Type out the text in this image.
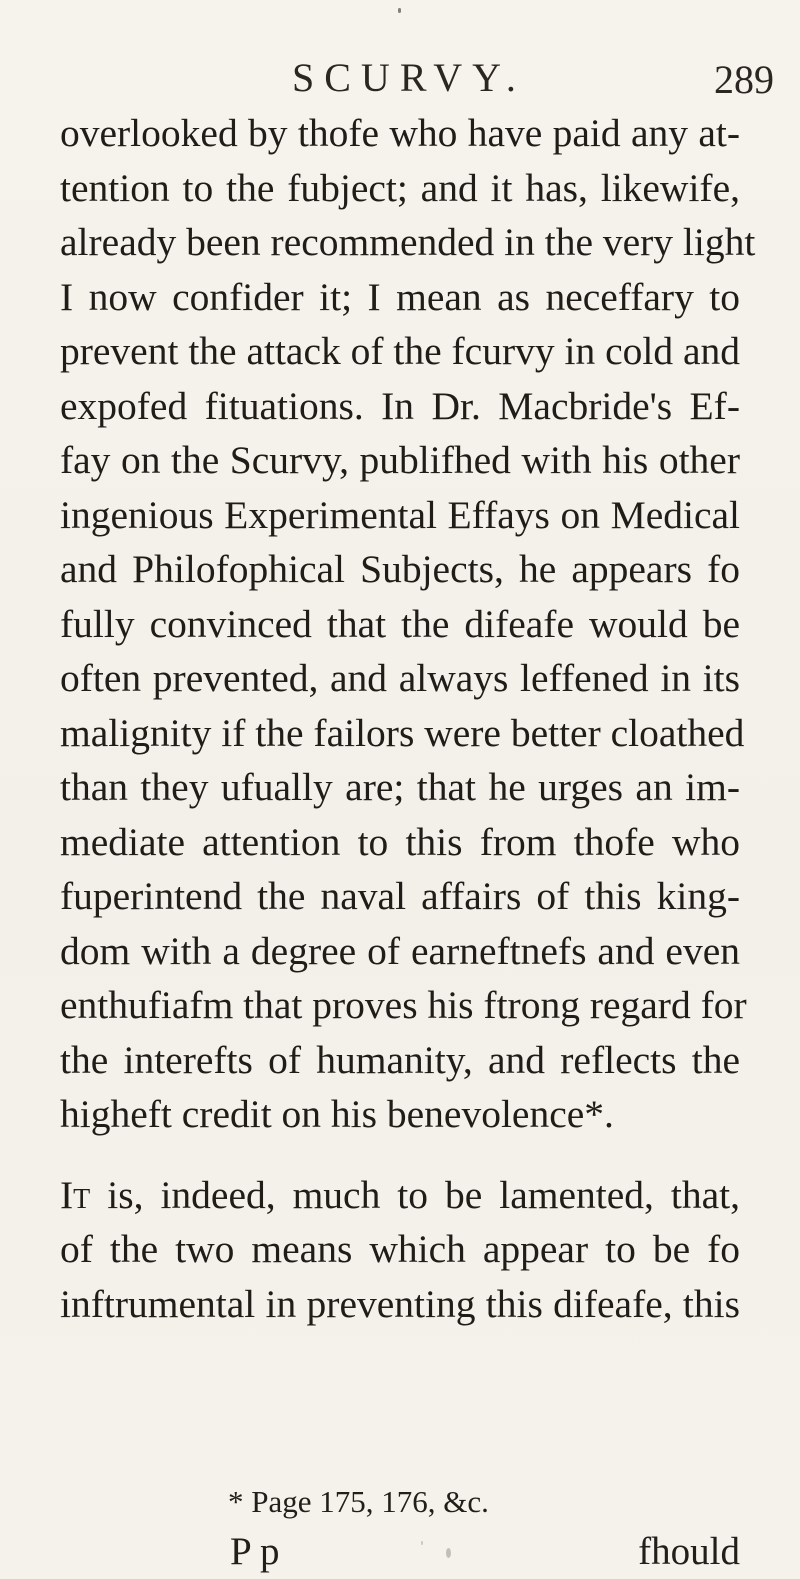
SCURVY.	289
overlooked by thofe who have paid any at-
tention to the fubject; and it has, likewife,
already been recommended in the very light
I now confider it; I mean as neceffary to
prevent the attack of the fcurvy in cold and
expofed fituations. In Dr. Macbride's Ef-
fay on the Scurvy, publifhed with his other
ingenious Experimental Effays on Medical
and Philofophical Subjects, he appears fo
fully convinced that the difeafe would be
often prevented, and always leffened in its
malignity if the failors were better cloathed
than they ufually are; that he urges an im-
mediate attention to this from thofe who
fuperintend the naval affairs of this king-
dom with a degree of earneftnefs and even
enthufiafm that proves his ftrong regard for
the interefts of humanity, and reflects the
higheft credit on his benevolence*.
It is, indeed, much to be lamented, that,
of the two means which appear to be fo
inftrumental in preventing this difeafe, this
* Page 175, 176, &c.
P p	fhould
